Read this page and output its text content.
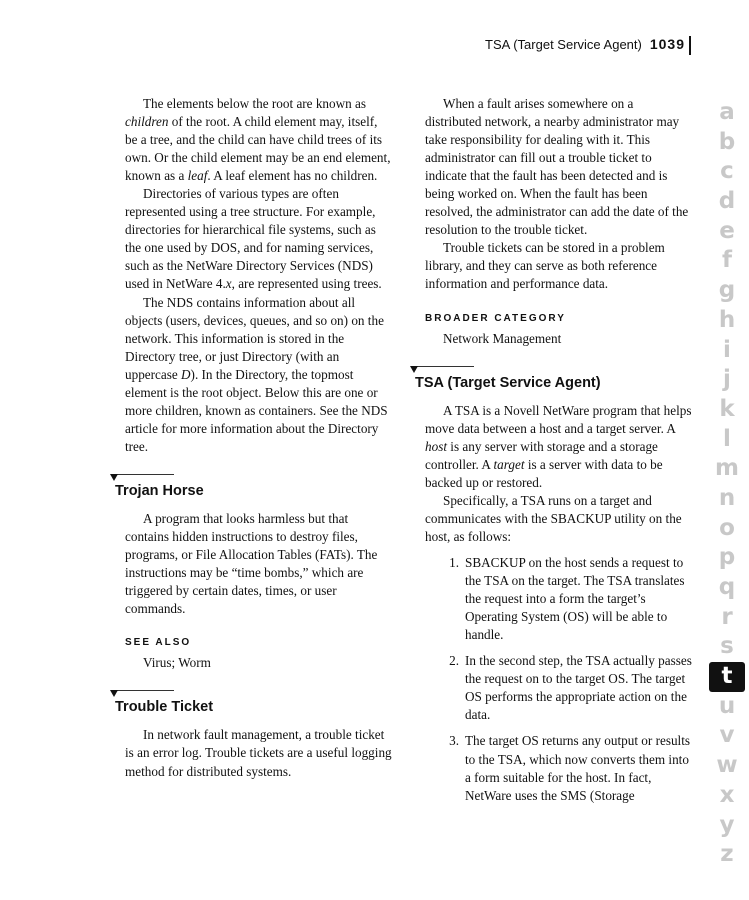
TSA (Target Service Agent) 1039

The elements below the root are known as children of the root. A child element may, itself, be a tree, and the child can have child trees of its own. Or the child element may be an end element, known as a leaf. A leaf element has no children.

Directories of various types are often represented using a tree structure. For example, directories for hierarchical file systems, such as the one used by DOS, and for naming services, such as the NetWare Directory Services (NDS) used in NetWare 4.x, are represented using trees.

The NDS contains information about all objects (users, devices, queues, and so on) on the network. This information is stored in the Directory tree, or just Directory (with an uppercase D). In the Directory, the topmost element is the root object. Below this are one or more children, known as containers. See the NDS article for more information about the Directory tree.

Trojan Horse

A program that looks harmless but that contains hidden instructions to destroy files, programs, or File Allocation Tables (FATs). The instructions may be “time bombs,” which are triggered by certain dates, times, or user commands.

SEE ALSO
Virus; Worm
Trouble Ticket

In network fault management, a trouble ticket is an error log. Trouble tickets are a useful logging method for distributed systems.

When a fault arises somewhere on a distributed network, a nearby administrator may take responsibility for dealing with it. This administrator can fill out a trouble ticket to indicate that the fault has been detected and is being worked on. When the fault has been resolved, the administrator can add the date of the resolution to the trouble ticket.

Trouble tickets can be stored in a problem library, and they can serve as both reference information and performance data.

BROADER CATEGORY
Network Management
TSA (Target Service Agent)

A TSA is a Novell NetWare program that helps move data between a host and a target server. A host is any server with storage and a storage controller. A target is a server with data to be backed up or restored.

Specifically, a TSA runs on a target and communicates with the SBACKUP utility on the host, as follows:

1. SBACKUP on the host sends a request to the TSA on the target. The TSA translates the request into a form the target’s Operating System (OS) will be able to handle.
2. In the second step, the TSA actually passes the request on to the target OS. The target OS performs the appropriate action on the data.
3. The target OS returns any output or results to the TSA, which now converts them into a form suitable for the host. In fact, NetWare uses the SMS (Storage
a
b
c
d
e
f
g
h
i
j
k
l
m
n
o
p
q
r
s
t
u
v
w
x
y
z
